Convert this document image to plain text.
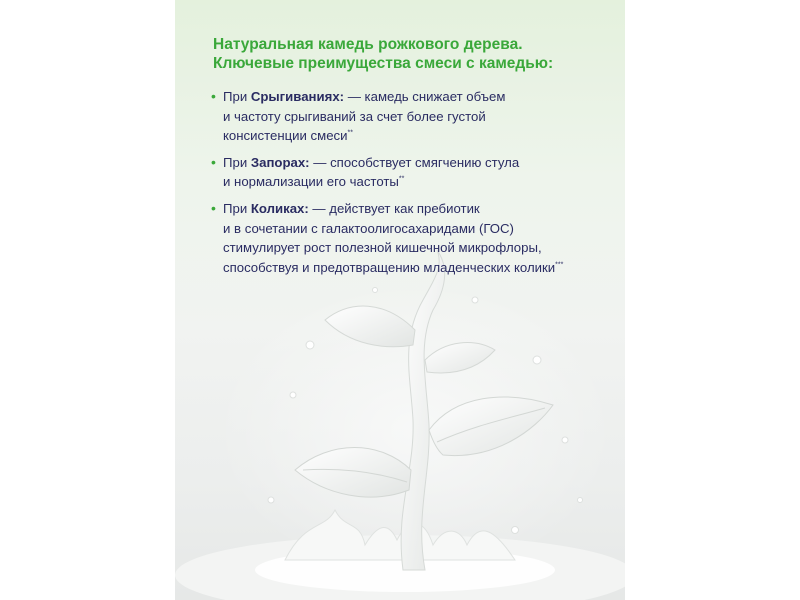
Натуральная камедь рожкового дерева.
Ключевые преимущества смеси с камедью:
• При Срыгиваниях: — камедь снижает объем
и частоту срыгиваний за счет более густой
консистенции смеси**
• При Запорах: — способствует смягчению стула
и нормализации его частоты**
• При Коликах: — действует как пребиотик
и в сочетании с галактоолигосахаридами (ГОС)
стимулирует рост полезной кишечной микрофлоры,
способствуя и предотвращению младенческих колики***
